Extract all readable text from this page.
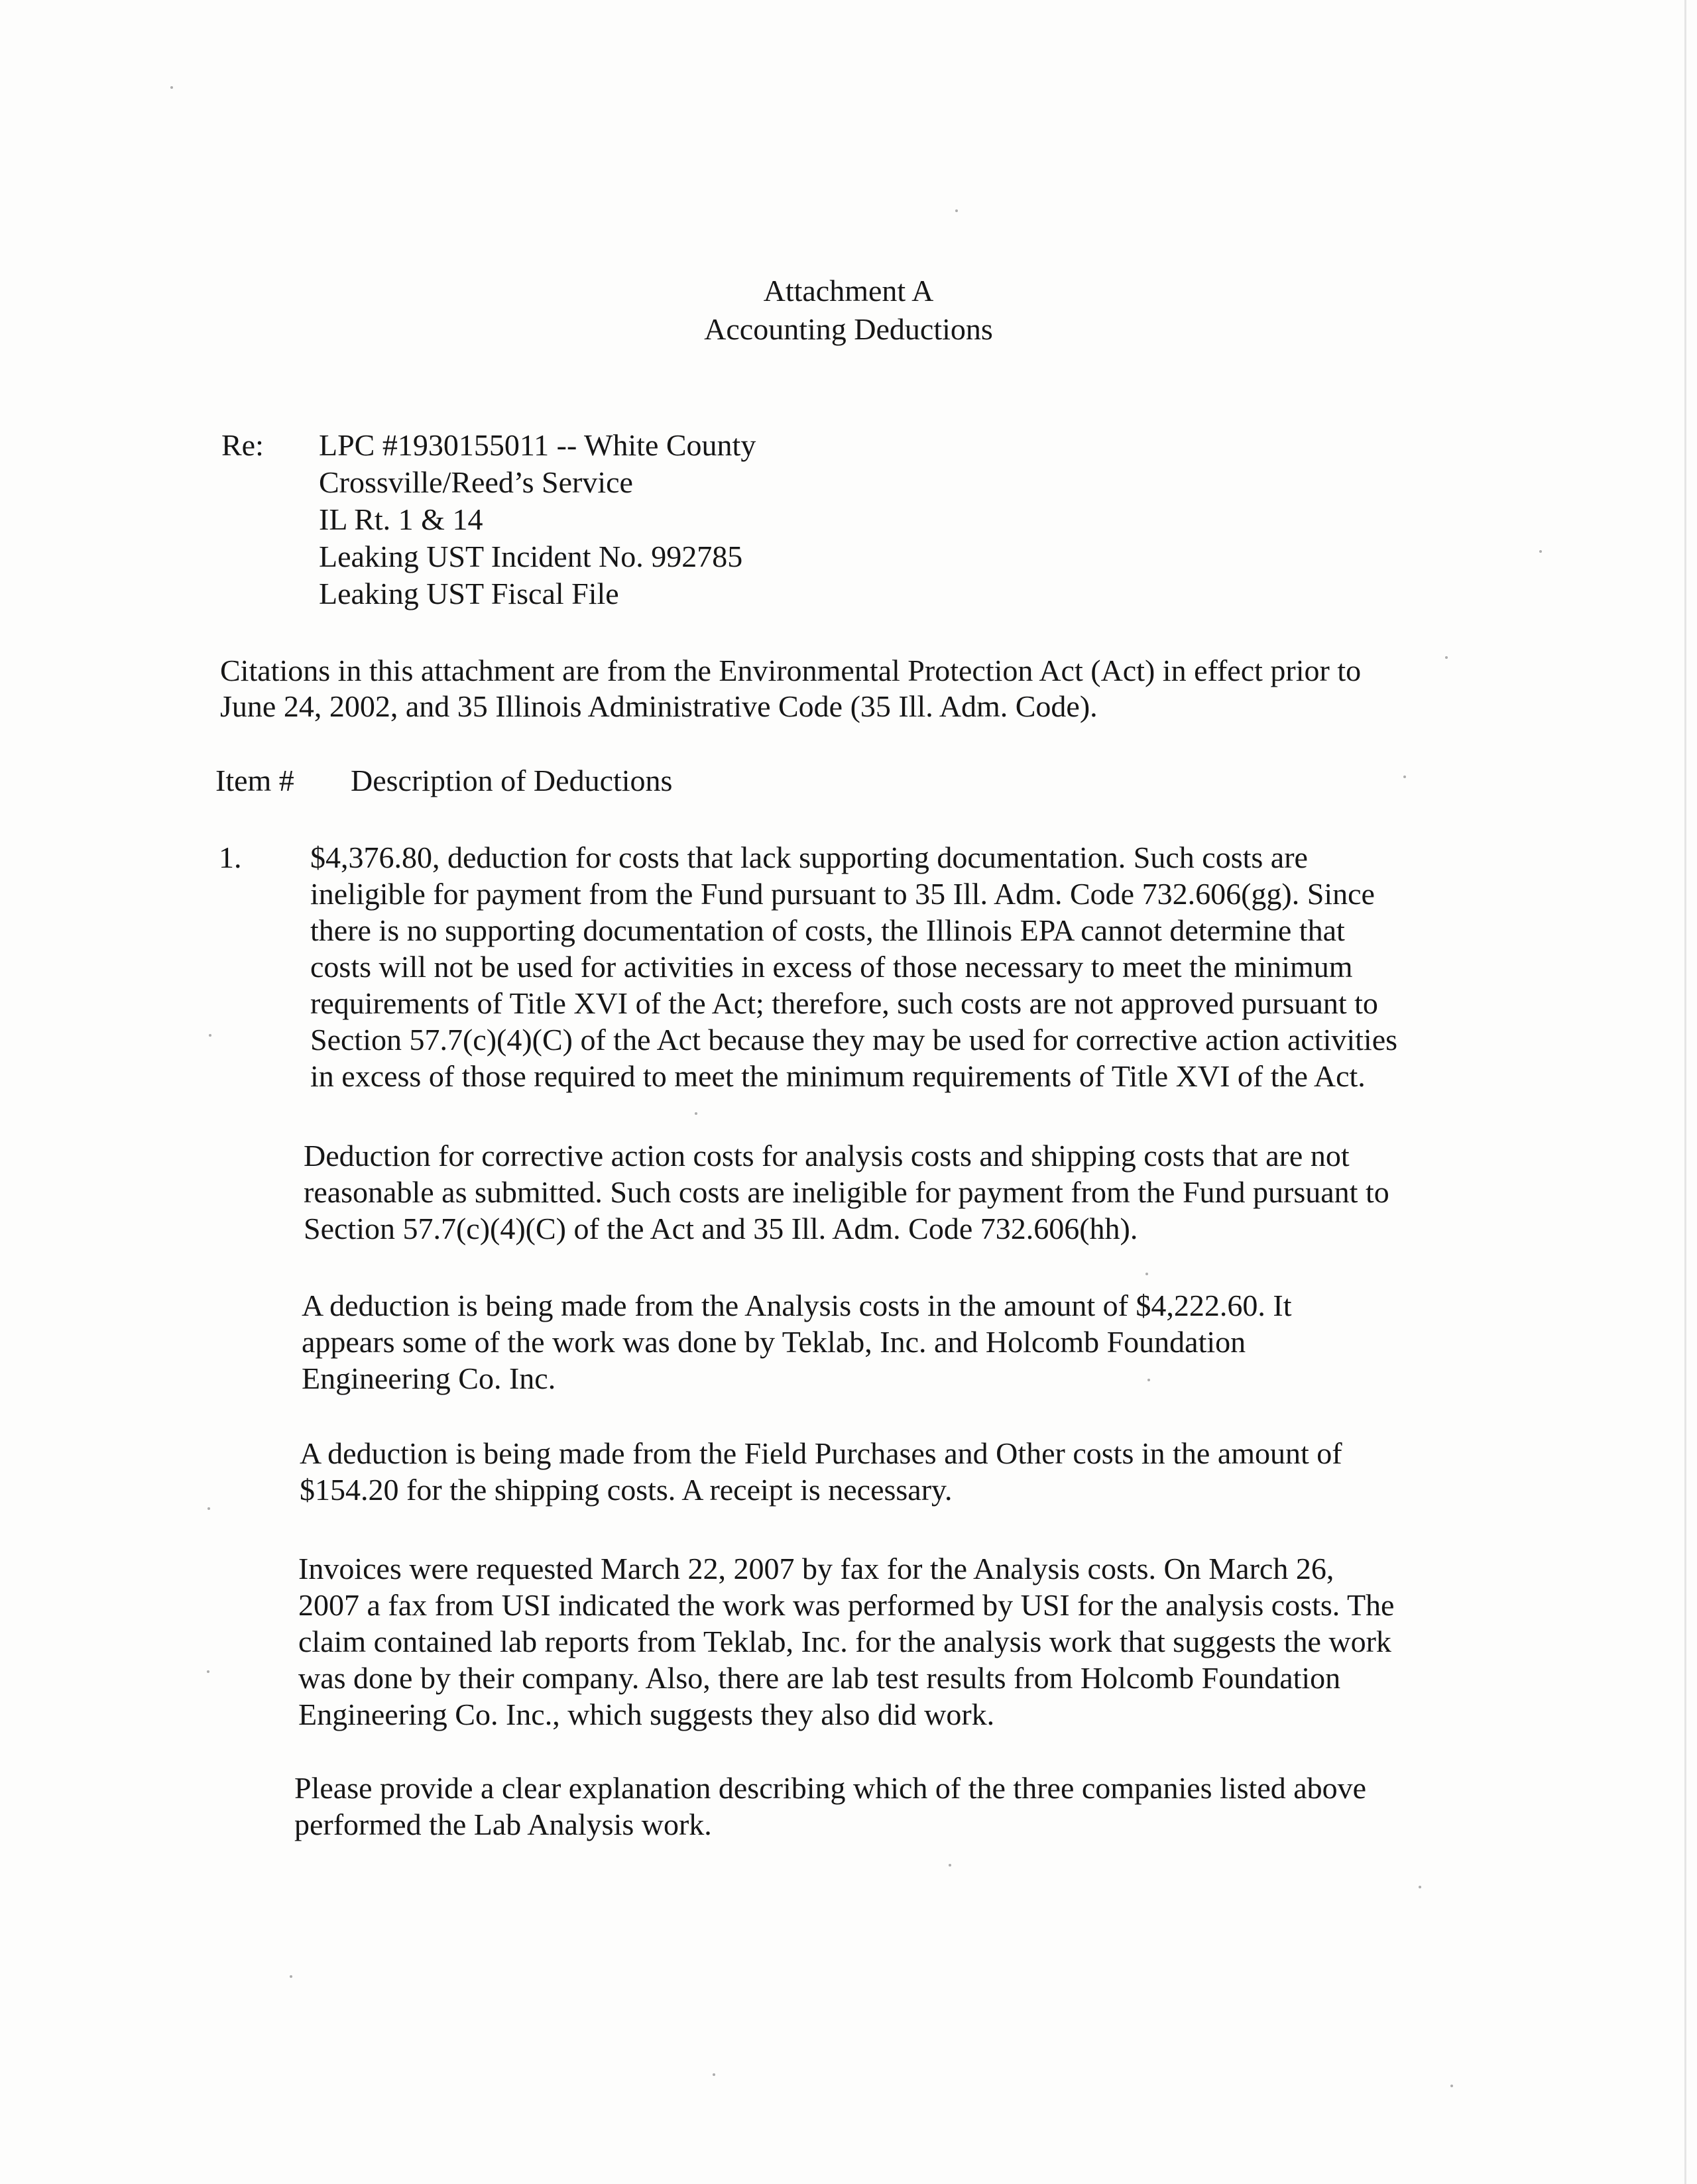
Attachment A
Accounting Deductions
Re: LPC #1930155011 -- White County
Crossville/Reed’s Service
IL Rt. 1 & 14
Leaking UST Incident No. 992785
Leaking UST Fiscal File
Citations in this attachment are from the Environmental Protection Act (Act) in effect prior to
June 24, 2002, and 35 Illinois Administrative Code (35 Ill. Adm. Code).
Item # Description of Deductions
1. $4,376.80, deduction for costs that lack supporting documentation. Such costs are
ineligible for payment from the Fund pursuant to 35 Ill. Adm. Code 732.606(gg). Since
there is no supporting documentation of costs, the Illinois EPA cannot determine that
costs will not be used for activities in excess of those necessary to meet the minimum
requirements of Title XVI of the Act; therefore, such costs are not approved pursuant to
Section 57.7(c)(4)(C) of the Act because they may be used for corrective action activities
in excess of those required to meet the minimum requirements of Title XVI of the Act.
Deduction for corrective action costs for analysis costs and shipping costs that are not
reasonable as submitted. Such costs are ineligible for payment from the Fund pursuant to
Section 57.7(c)(4)(C) of the Act and 35 Ill. Adm. Code 732.606(hh).
A deduction is being made from the Analysis costs in the amount of $4,222.60. It
appears some of the work was done by Teklab, Inc. and Holcomb Foundation
Engineering Co. Inc.
A deduction is being made from the Field Purchases and Other costs in the amount of
$154.20 for the shipping costs. A receipt is necessary.
Invoices were requested March 22, 2007 by fax for the Analysis costs. On March 26,
2007 a fax from USI indicated the work was performed by USI for the analysis costs. The
claim contained lab reports from Teklab, Inc. for the analysis work that suggests the work
was done by their company. Also, there are lab test results from Holcomb Foundation
Engineering Co. Inc., which suggests they also did work.
Please provide a clear explanation describing which of the three companies listed above
performed the Lab Analysis work.
